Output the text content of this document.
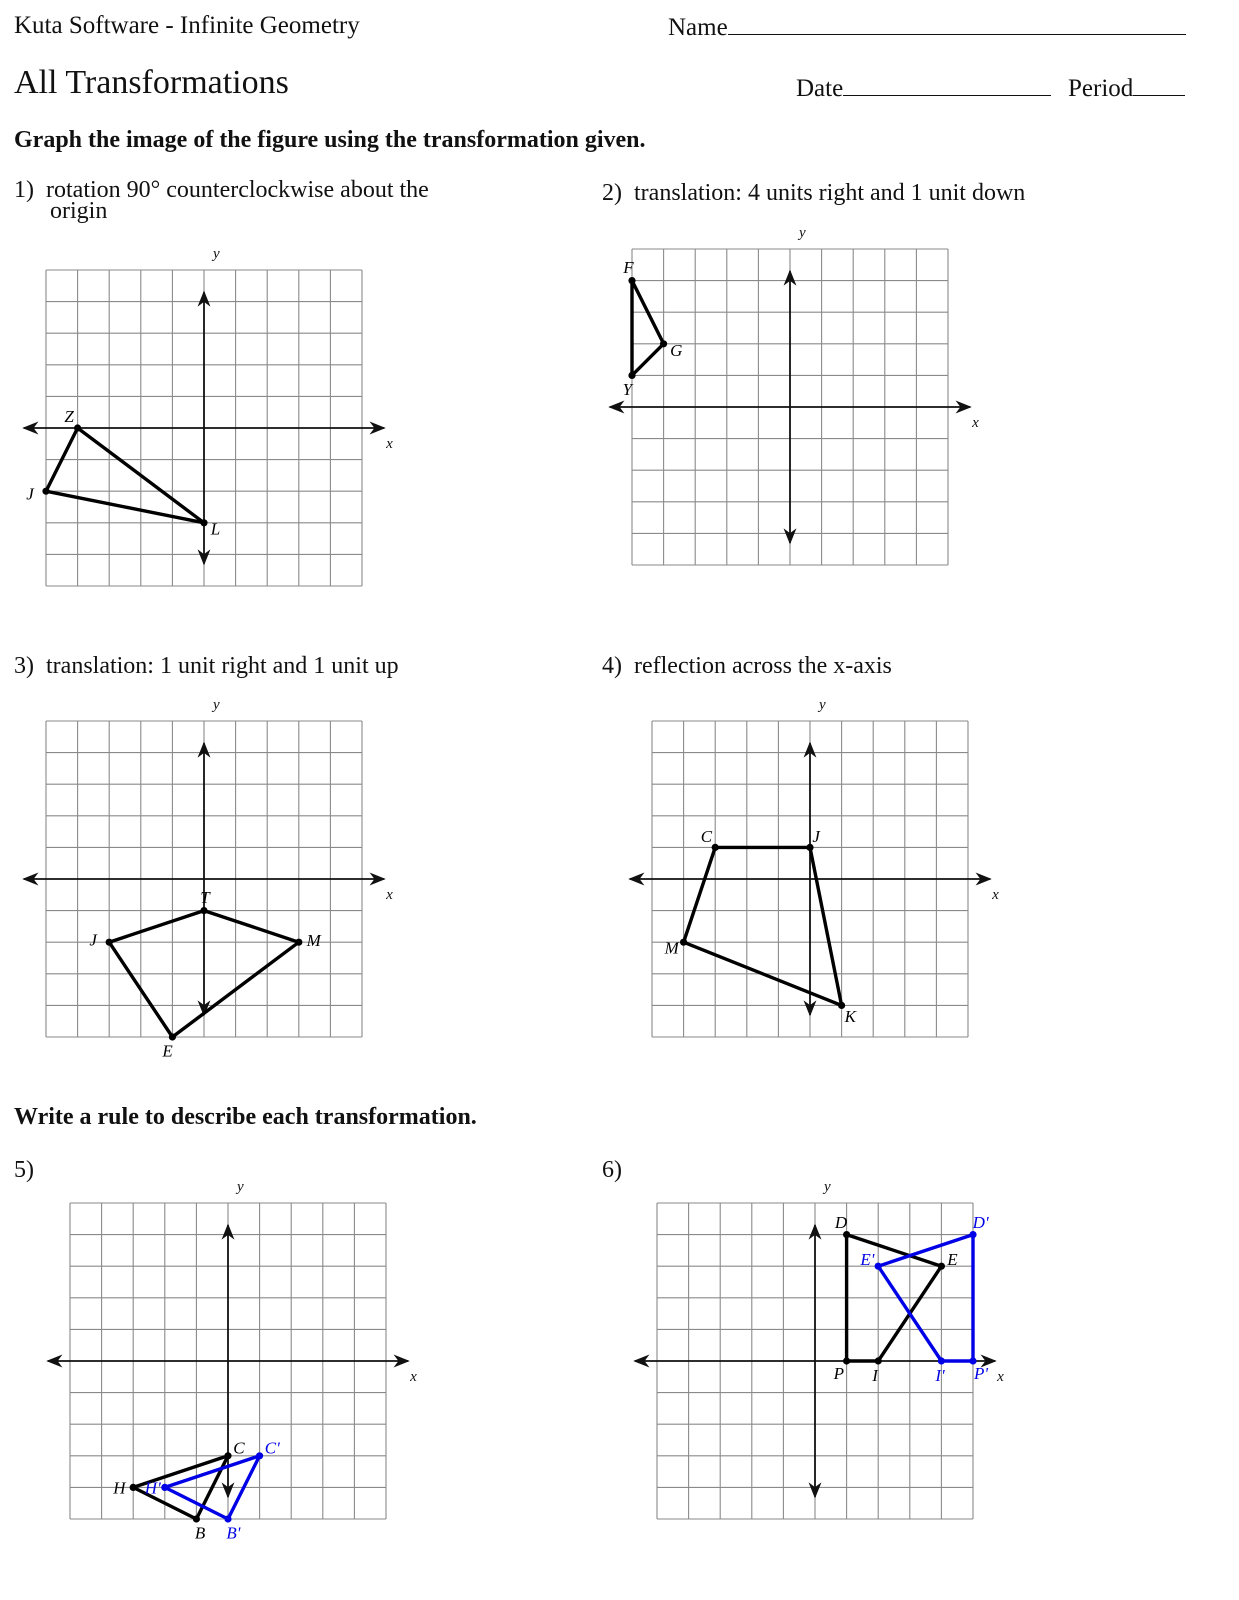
Kuta Software - Infinite Geometry	Name
All Transformations	Date	Period
Graph the image of the figure using the transformation given.
1) rotation 90° counterclockwise about the
origin
2) translation: 4 units right and 1 unit down
3) translation: 1 unit right and 1 unit up	4) reflection across the x-axis
Write a rule to describe each transformation.
5)	6)
x
y
Z
L
J
x
y
F
G
Y
x
y
T
M
E
J
x
y
C	J
K
M
x
y
C
B
H
C'
B'
H'
x
y
D
E
I
P
D'
P'
I'
E'
